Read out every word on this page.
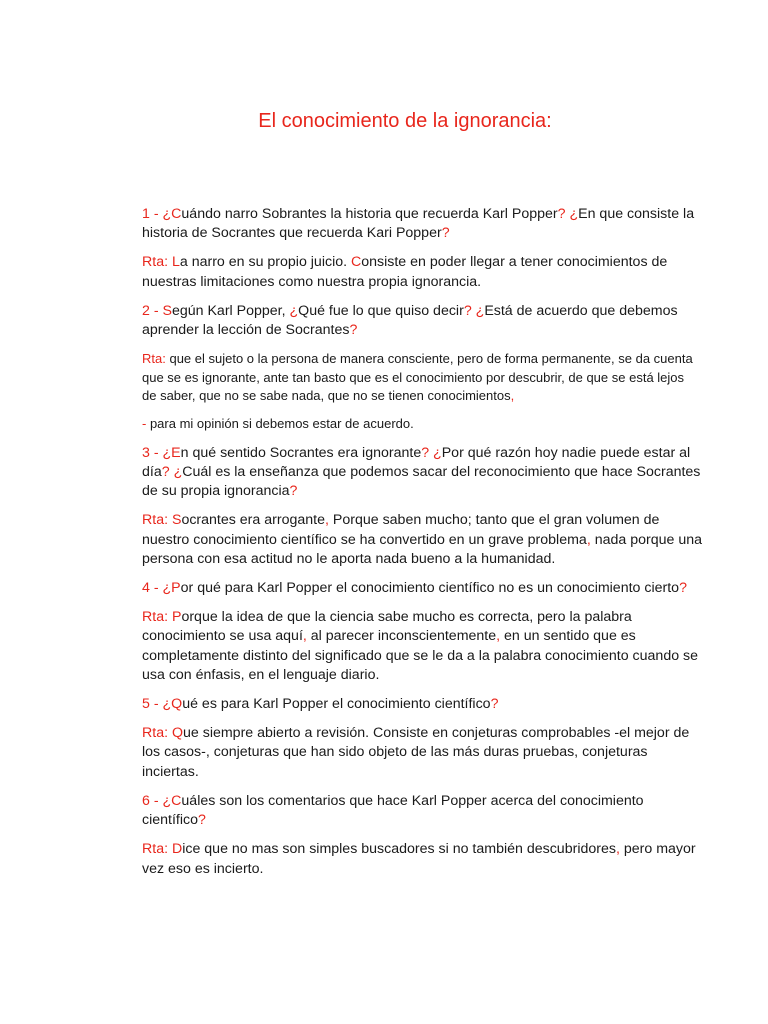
El conocimiento de la ignorancia:

1 - ¿Cuándo narro Sobrantes la historia que recuerda Karl Popper? ¿En que consiste la historia de Socrantes que recuerda Kari Popper?

Rta: La narro en su propio juicio. Consiste en poder llegar a tener conocimientos de nuestras limitaciones como nuestra propia ignorancia.

2 - Según Karl Popper, ¿Qué fue lo que quiso decir? ¿Está de acuerdo que debemos aprender la lección de Socrantes?

Rta: que el sujeto o la persona de manera consciente, pero de forma permanente, se da cuenta que se es ignorante, ante tan basto que es el conocimiento por descubrir, de que se está lejos de saber, que no se sabe nada, que no se tienen conocimientos,

- para mi opinión si debemos estar de acuerdo.

3 - ¿En qué sentido Socrantes era ignorante? ¿Por qué razón hoy nadie puede estar al día? ¿Cuál es la enseñanza que podemos sacar del reconocimiento que hace Socrantes de su propia ignorancia?

Rta: Socrantes era arrogante, Porque saben mucho; tanto que el gran volumen de nuestro conocimiento científico se ha convertido en un grave problema, nada porque una persona con esa actitud no le aporta nada bueno a la humanidad.

4 - ¿Por qué para Karl Popper el conocimiento científico no es un conocimiento cierto?

Rta: Porque la idea de que la ciencia sabe mucho es correcta, pero la palabra conocimiento se usa aquí, al parecer inconscientemente, en un sentido que es completamente distinto del significado que se le da a la palabra conocimiento cuando se usa con énfasis, en el lenguaje diario.

5 - ¿Qué es para Karl Popper el conocimiento científico?

Rta: Que siempre abierto a revisión. Consiste en conjeturas comprobables -el mejor de los casos-, conjeturas que han sido objeto de las más duras pruebas, conjeturas inciertas.

6 - ¿Cuáles son los comentarios que hace Karl Popper acerca del conocimiento científico?

Rta: Dice que no mas son simples buscadores si no también descubridores, pero mayor vez eso es incierto.
